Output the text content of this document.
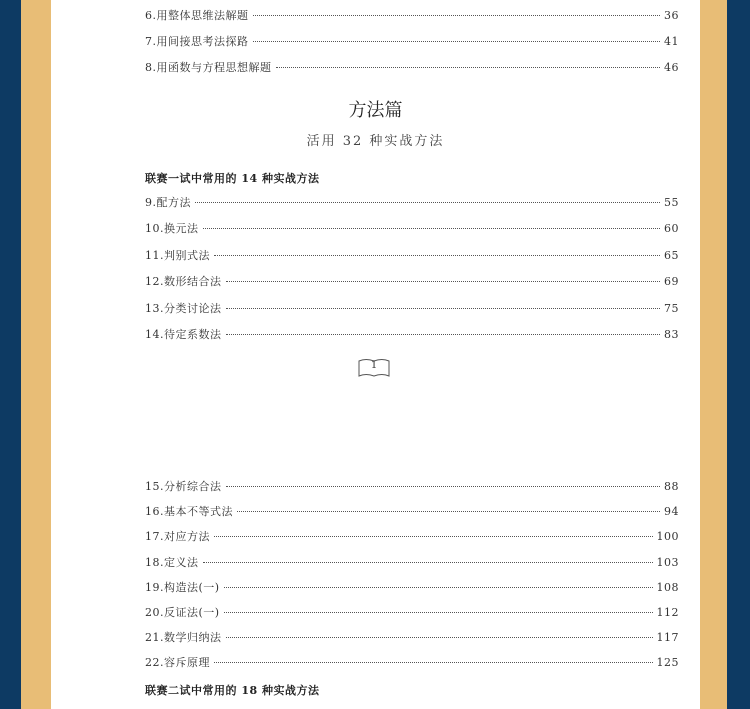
6.用整体思维法解题	36
7.用间接思考法探路	41
8.用函数与方程思想解题	46
方法篇
活用 32 种实战方法
联赛一试中常用的 14 种实战方法
9.配方法	55
10.换元法	60
11.判别式法	65
12.数形结合法	69
13.分类讨论法	75
14.待定系数法	83
1
15.分析综合法	88
16.基本不等式法	94
17.对应方法	100
18.定义法	103
19.构造法(一)	108
20.反证法(一)	112
21.数学归纳法	117
22.容斥原理	125
联赛二试中常用的 18 种实战方法
